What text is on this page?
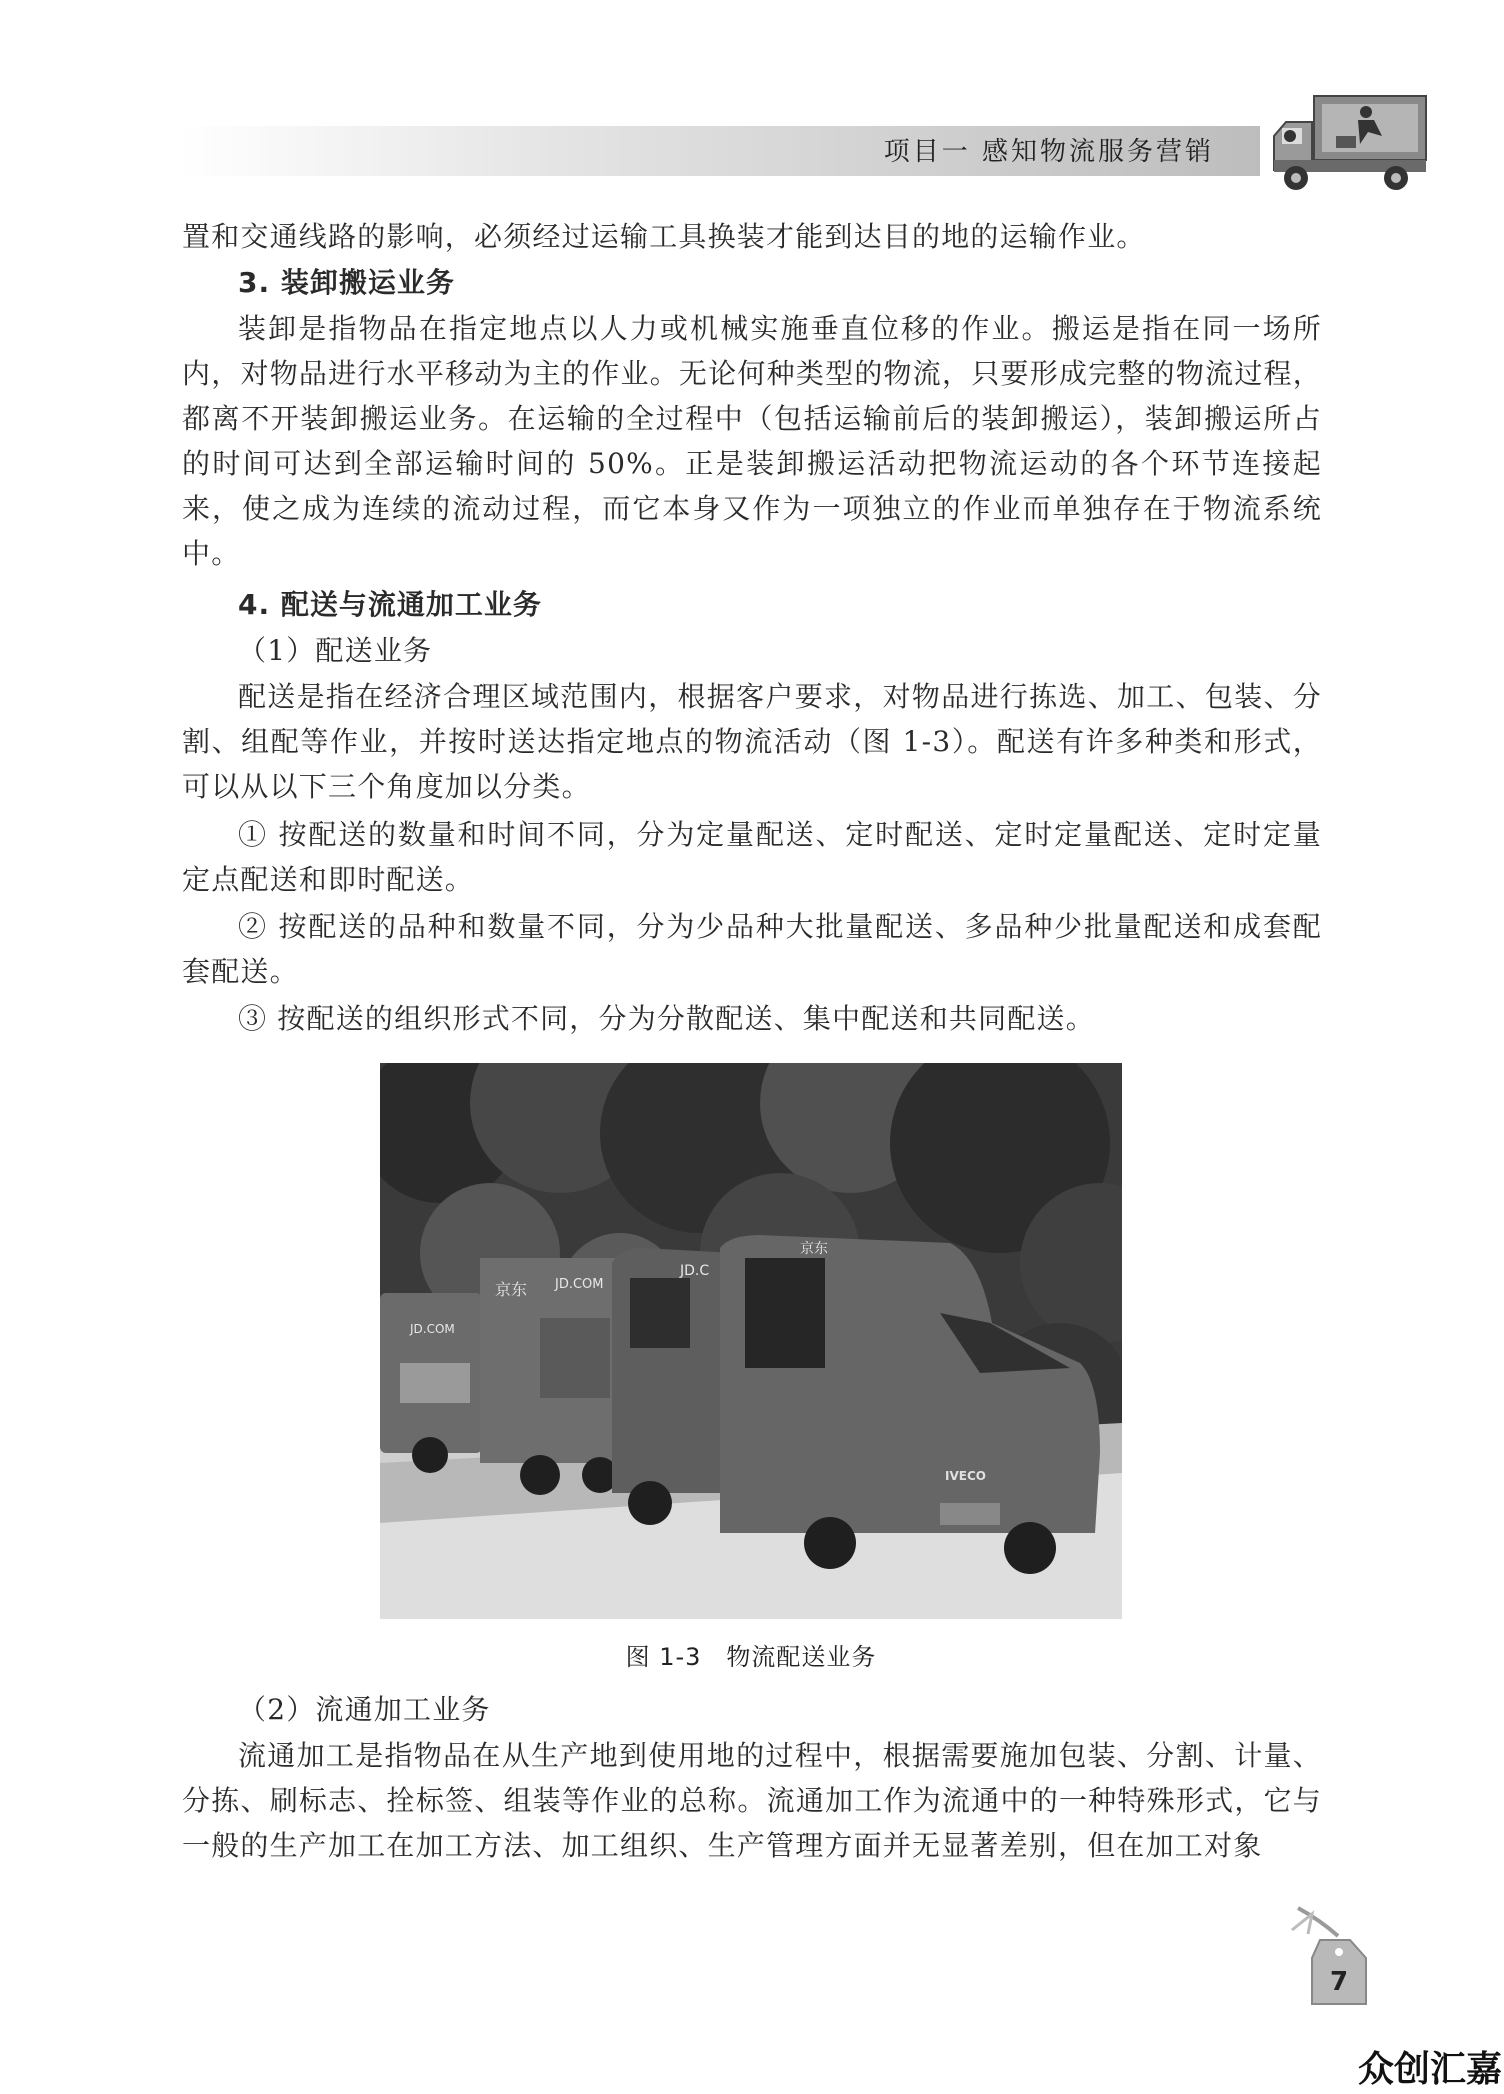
项目一 感知物流服务营销

置和交通线路的影响，必须经过运输工具换装才能到达目的地的运输作业。

3. 装卸搬运业务

装卸是指物品在指定地点以人力或机械实施垂直位移的作业。搬运是指在同一场所内，对物品进行水平移动为主的作业。无论何种类型的物流，只要形成完整的物流过程，都离不开装卸搬运业务。在运输的全过程中（包括运输前后的装卸搬运），装卸搬运所占的时间可达到全部运输时间的 50%。正是装卸搬运活动把物流运动的各个环节连接起来，使之成为连续的流动过程，而它本身又作为一项独立的作业而单独存在于物流系统中。

4. 配送与流通加工业务

（1）配送业务

配送是指在经济合理区域范围内，根据客户要求，对物品进行拣选、加工、包装、分割、组配等作业，并按时送达指定地点的物流活动（图 1-3）。配送有许多种类和形式，可以从以下三个角度加以分类。

① 按配送的数量和时间不同，分为定量配送、定时配送、定时定量配送、定时定量定点配送和即时配送。

② 按配送的品种和数量不同，分为少品种大批量配送、多品种少批量配送和成套配套配送。

③ 按配送的组织形式不同，分为分散配送、集中配送和共同配送。

JD.COM
京东 JD.COM
JD.C
京东
IVECO
图 1-3　物流配送业务

（2）流通加工业务

流通加工是指物品在从生产地到使用地的过程中，根据需要施加包装、分割、计量、分拣、刷标志、拴标签、组装等作业的总称。流通加工作为流通中的一种特殊形式，它与一般的生产加工在加工方法、加工组织、生产管理方面并无显著差别，但在加工对象

7
众创汇嘉
